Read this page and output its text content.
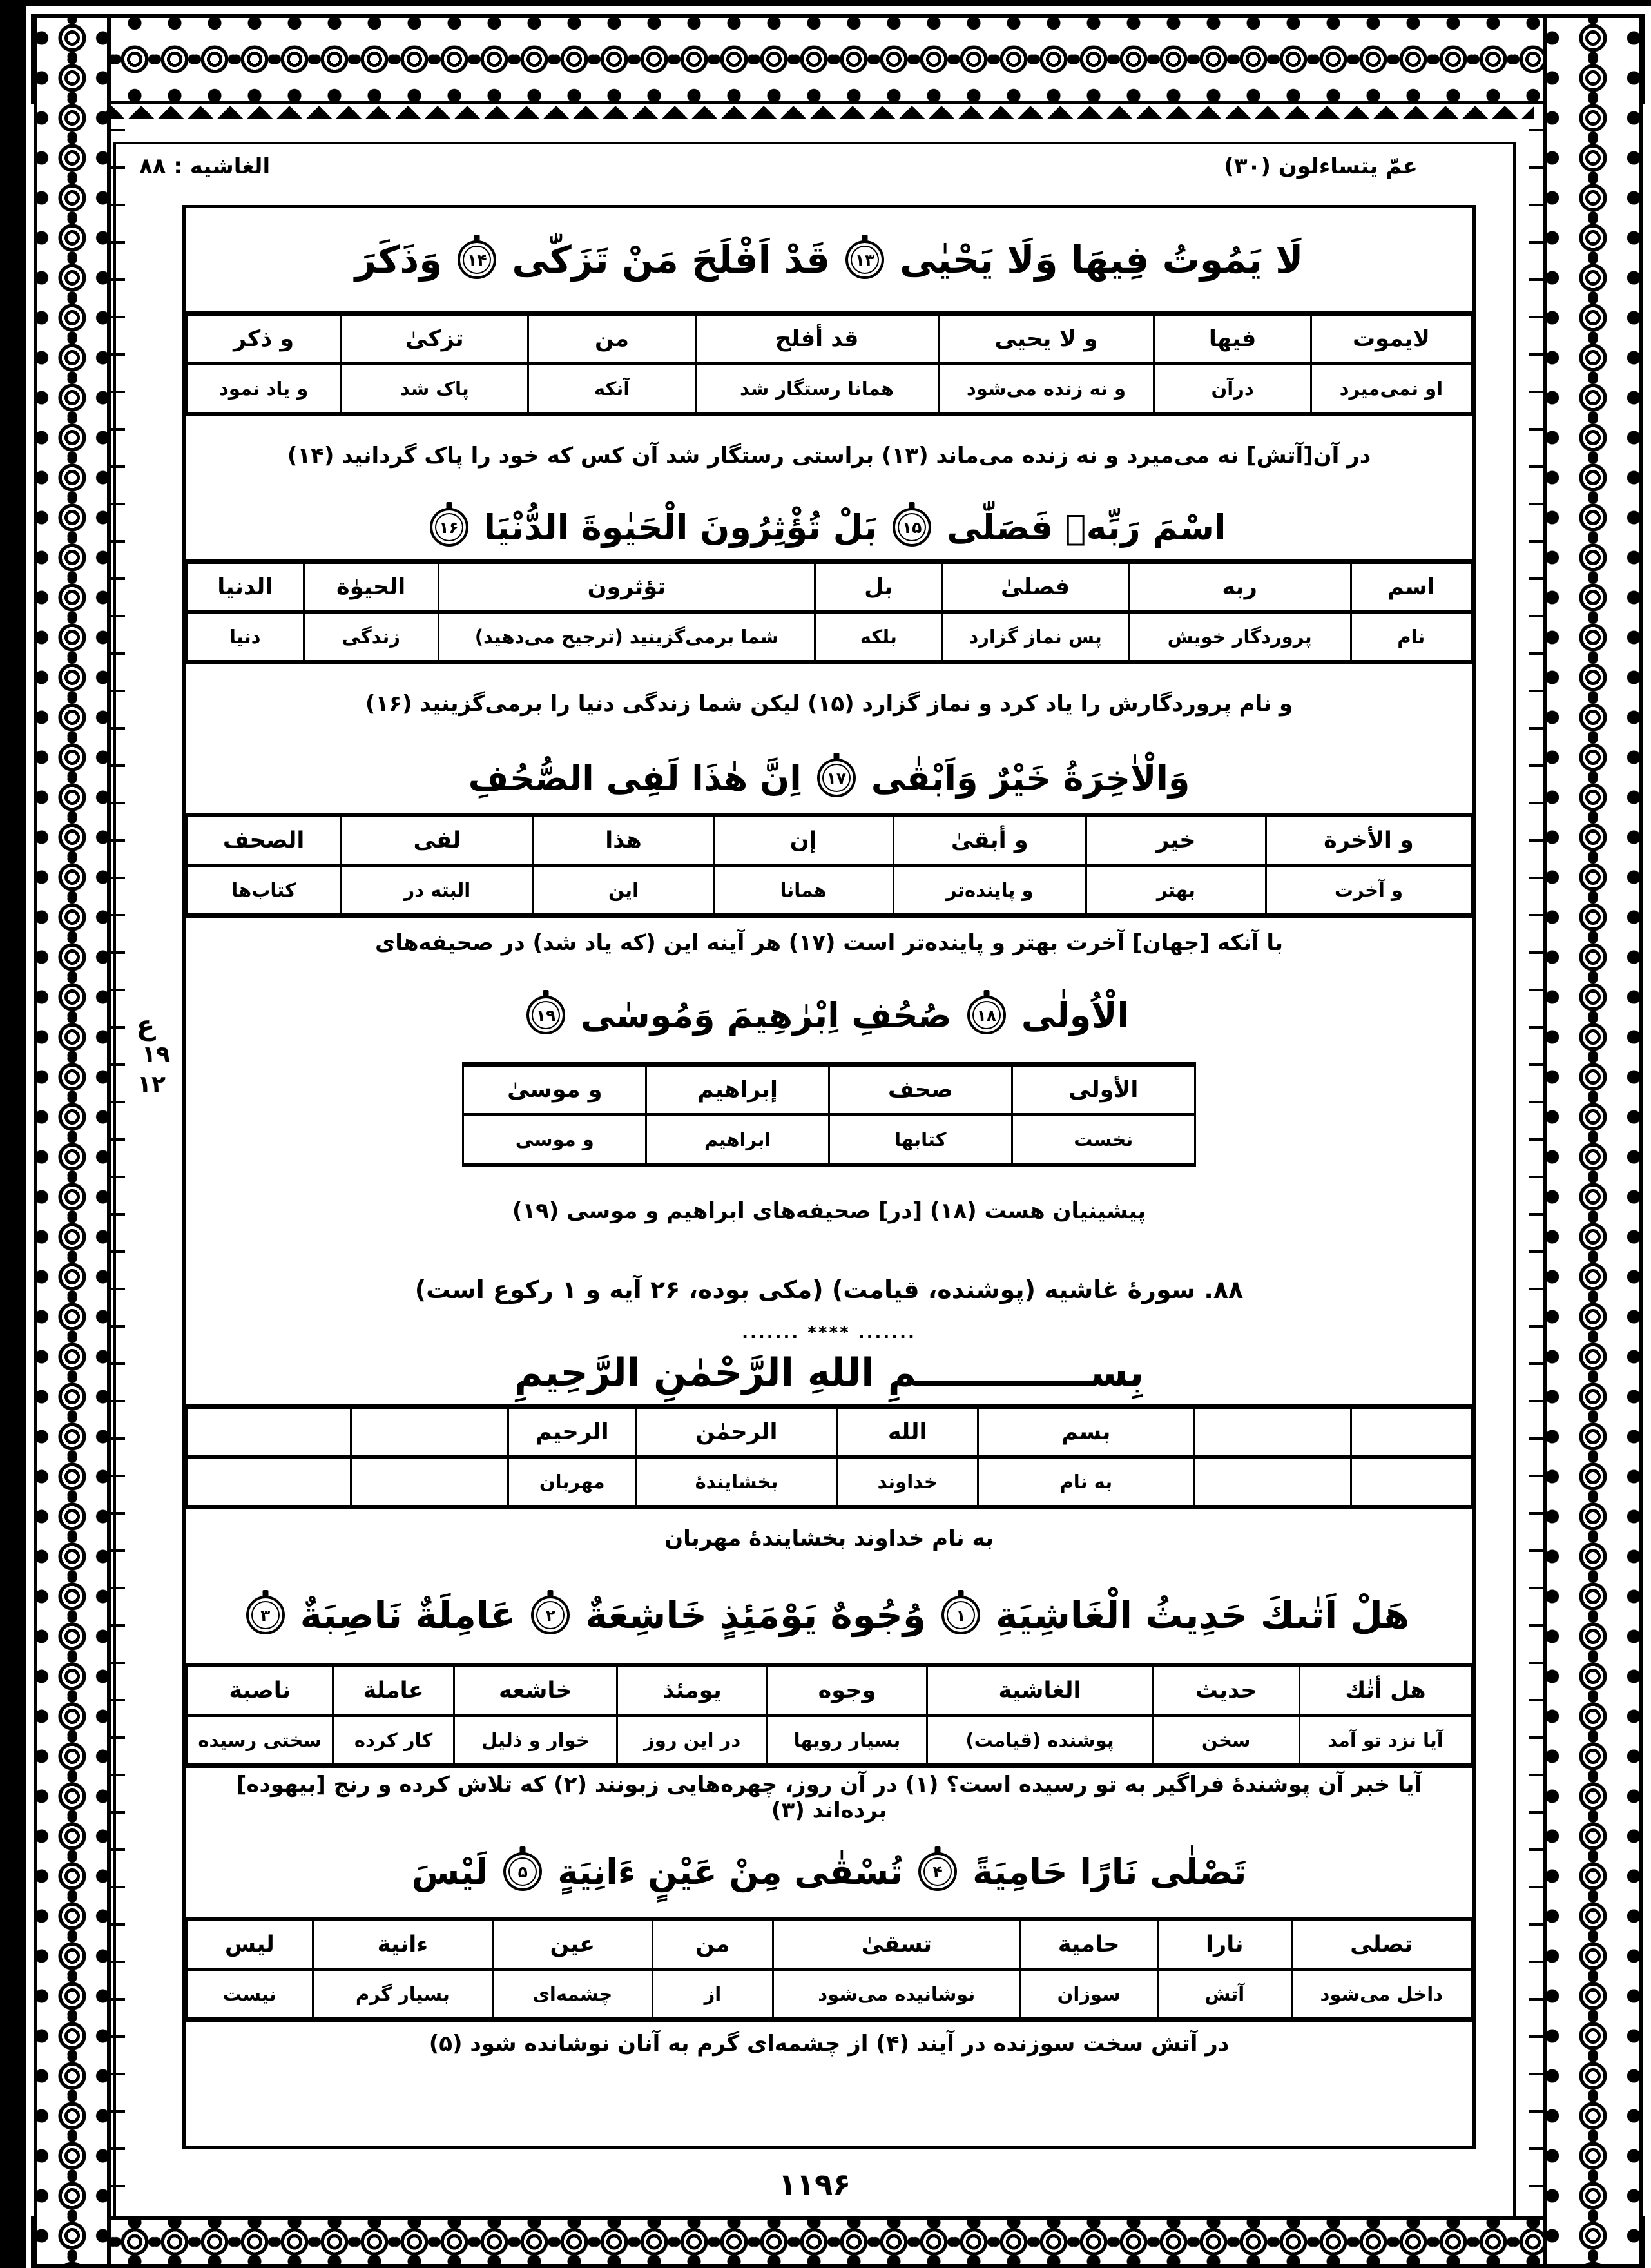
ع
۱۹
۱۲
عمّ يتساءلون (۳۰)
الغاشيه : ۸۸
لَا يَمُوتُ فِيهَا وَلَا يَحْيٰى
۱۳
قَدْ اَفْلَحَ مَنْ تَزَكّٰى
۱۴
وَذَكَرَ
لايموت	فيها	و لا يحيى	قد أفلح	من	تزكىٰ	و ذكر
او نمی‌میرد	درآن	و نه زنده می‌شود	همانا رستگار شد	آنکه	پاک شد	و یاد نمود
در آن[آتش] نه می‌میرد و نه زنده می‌ماند (۱۳) براستی رستگار شد آن کس که خود را پاک گردانید (۱۴)
اسْمَ رَبِّهٖ فَصَلّٰى
۱۵
بَلْ تُؤْثِرُونَ الْحَيٰوةَ الدُّنْيَا
۱۶
اسم	ربه	فصلىٰ	بل	تؤثرون	الحيوٰة	الدنيا
نام	پروردگار خویش	پس نماز گزارد	بلکه	شما برمی‌گزینید (ترجیح می‌دهید)	زندگی	دنیا
و نام پروردگارش را یاد کرد و نماز گزارد (۱۵) لیکن شما زندگی دنیا را برمی‌گزینید (۱۶)
وَالْاٰخِرَةُ خَيْرٌ وَاَبْقٰى
۱۷
اِنَّ هٰذَا لَفِى الصُّحُفِ
و الأخرة	خير	و أبقىٰ	إن	هذا	لفى	الصحف
و آخرت	بهتر	و پاینده‌تر	همانا	این	البته در	کتاب‌ها
با آنکه [جهان] آخرت بهتر و پاینده‌تر است (۱۷) هر آینه این (که یاد شد) در صحیفه‌های
الْاُولٰى
۱۸
صُحُفِ اِبْرٰهِيمَ وَمُوسٰى
۱۹
الأولى	صحف	إبراهيم	و موسىٰ
نخست	کتابها	ابراهیم	و موسی
پیشینیان هست (۱۸) [در] صحیفه‌های ابراهیم و موسی (۱۹)
۸۸. سورهٔ غاشیه (پوشنده، قیامت) (مکی بوده، ۲۶ آیه و ۱ رکوع است)
....... **** .......
بِســـــــــــــمِ اللهِ الرَّحْمٰنِ الرَّحِيمِ
		بسم	الله	الرحمٰن	الرحيم		
		به نام	خداوند	بخشایندهٔ	مهربان		
به نام خداوند بخشایندهٔ مهربان
هَلْ اَتٰىكَ حَدِيثُ الْغَاشِيَةِ
۱
وُجُوهٌ يَوْمَئِذٍ خَاشِعَةٌ
۲
عَامِلَةٌ نَاصِبَةٌ
۳
هل أتٰك	حديث	الغاشية	وجوه	يومئذ	خاشعه	عاملة	ناصبة
آیا نزد تو آمد	سخن	پوشنده (قیامت)	بسیار رویها	در این روز	خوار و ذلیل	کار کرده	سختی رسیده
آیا خبر آن پوشندهٔ فراگیر به تو رسیده است؟ (۱) در آن روز، چهره‌هایی زبونند (۲) که تلاش کرده و رنج [بیهوده] برده‌اند (۳)
تَصْلٰى نَارًا حَامِيَةً
۴
تُسْقٰى مِنْ عَيْنٍ ءَانِيَةٍ
۵
لَيْسَ
تصلى	نارا	حامية	تسقىٰ	من	عين	ءانية	ليس
داخل می‌شود	آتش	سوزان	نوشانیده می‌شود	از	چشمه‌ای	بسیار گرم	نیست
در آتش سخت سوزنده در آیند (۴) از چشمه‌ای گرم به آنان نوشانده شود (۵)
۱۱۹۶
